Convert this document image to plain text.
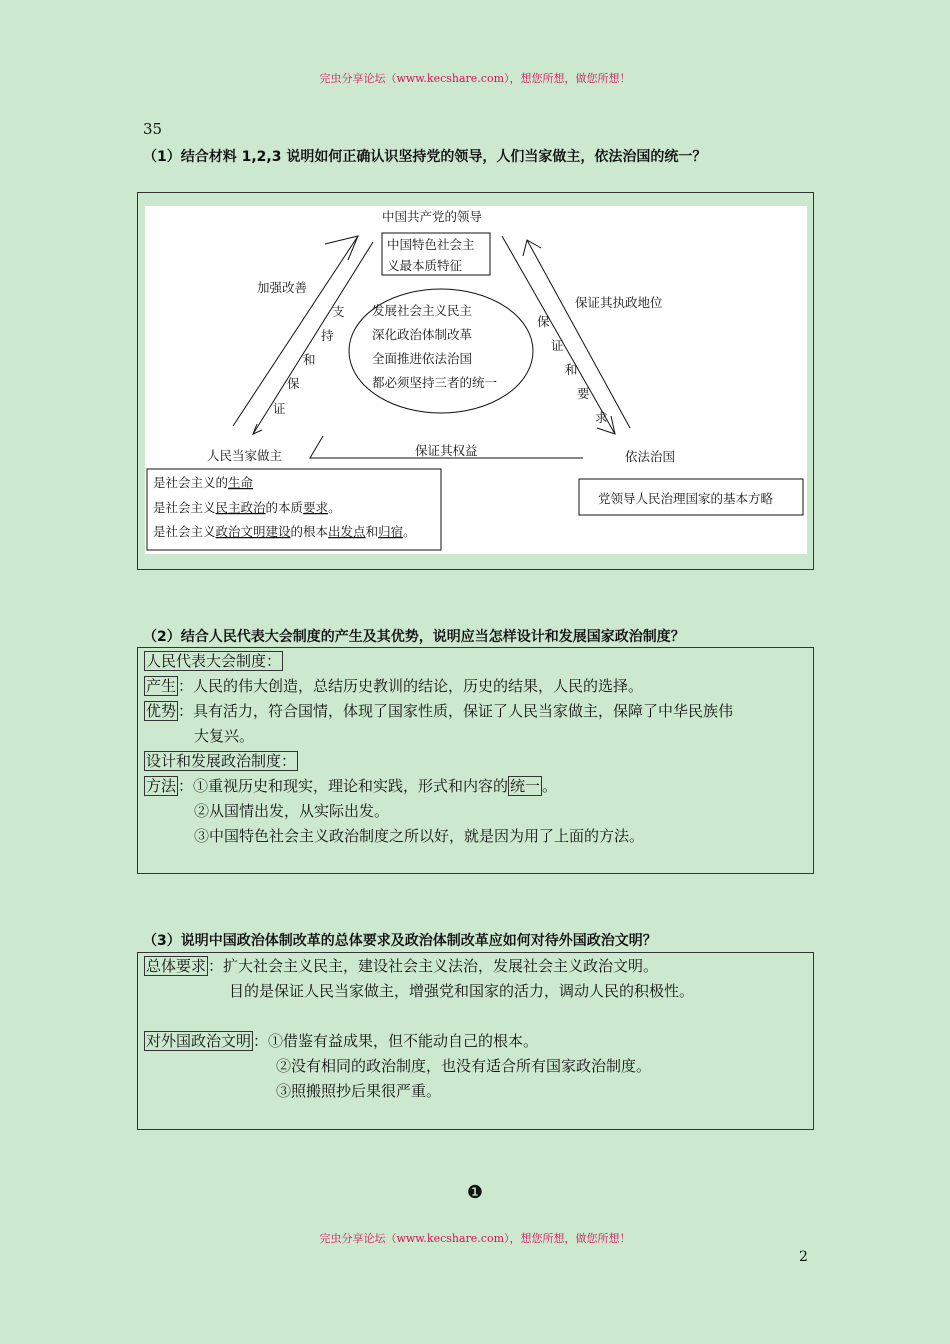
完虫分享论坛（www.kecshare.com），想您所想，做您所想！
35
（1）结合材料 1,2,3 说明如何正确认识坚持党的领导，人们当家做主，依法治国的统一？
中国共产党的领导
中国特色社会主
义最本质特征
加强改善
支
持
和
保
证
保证其执政地位
保
证
和
要
求
发展社会主义民主
深化政治体制改革
全面推进依法治国
都必须坚持三者的统一
人民当家做主	保证其权益	依法治国
是社会主义的生命
是社会主义民主政治的本质要求。
是社会主义政治文明建设的根本出发点和归宿。
党领导人民治理国家的基本方略
（2）结合人民代表大会制度的产生及其优势，说明应当怎样设计和发展国家政治制度？
人民代表大会制度：
产生 ：人民的伟大创造，总结历史教训的结论，历史的结果，人民的选择。
优势 ：具有活力，符合国情，体现了国家性质，保证了人民当家做主，保障了中华民族伟
大复兴。
设计和发展政治制度：
方法 ：①重视历史和现实，理论和实践，形式和内容的 统一 。
②从国情出发，从实际出发。
③中国特色社会主义政治制度之所以好，就是因为用了上面的方法。
（3）说明中国政治体制改革的总体要求及政治体制改革应如何对待外国政治文明？
总体要求 ：扩大社会主义民主，建设社会主义法治，发展社会主义政治文明。
目的是保证人民当家做主，增强党和国家的活力，调动人民的积极性。
对外国政治文明 ：①借鉴有益成果，但不能动自己的根本。
②没有相同的政治制度，也没有适合所有国家政治制度。
③照搬照抄后果很严重。
❶
完虫分享论坛（www.kecshare.com），想您所想，做您所想！
2
